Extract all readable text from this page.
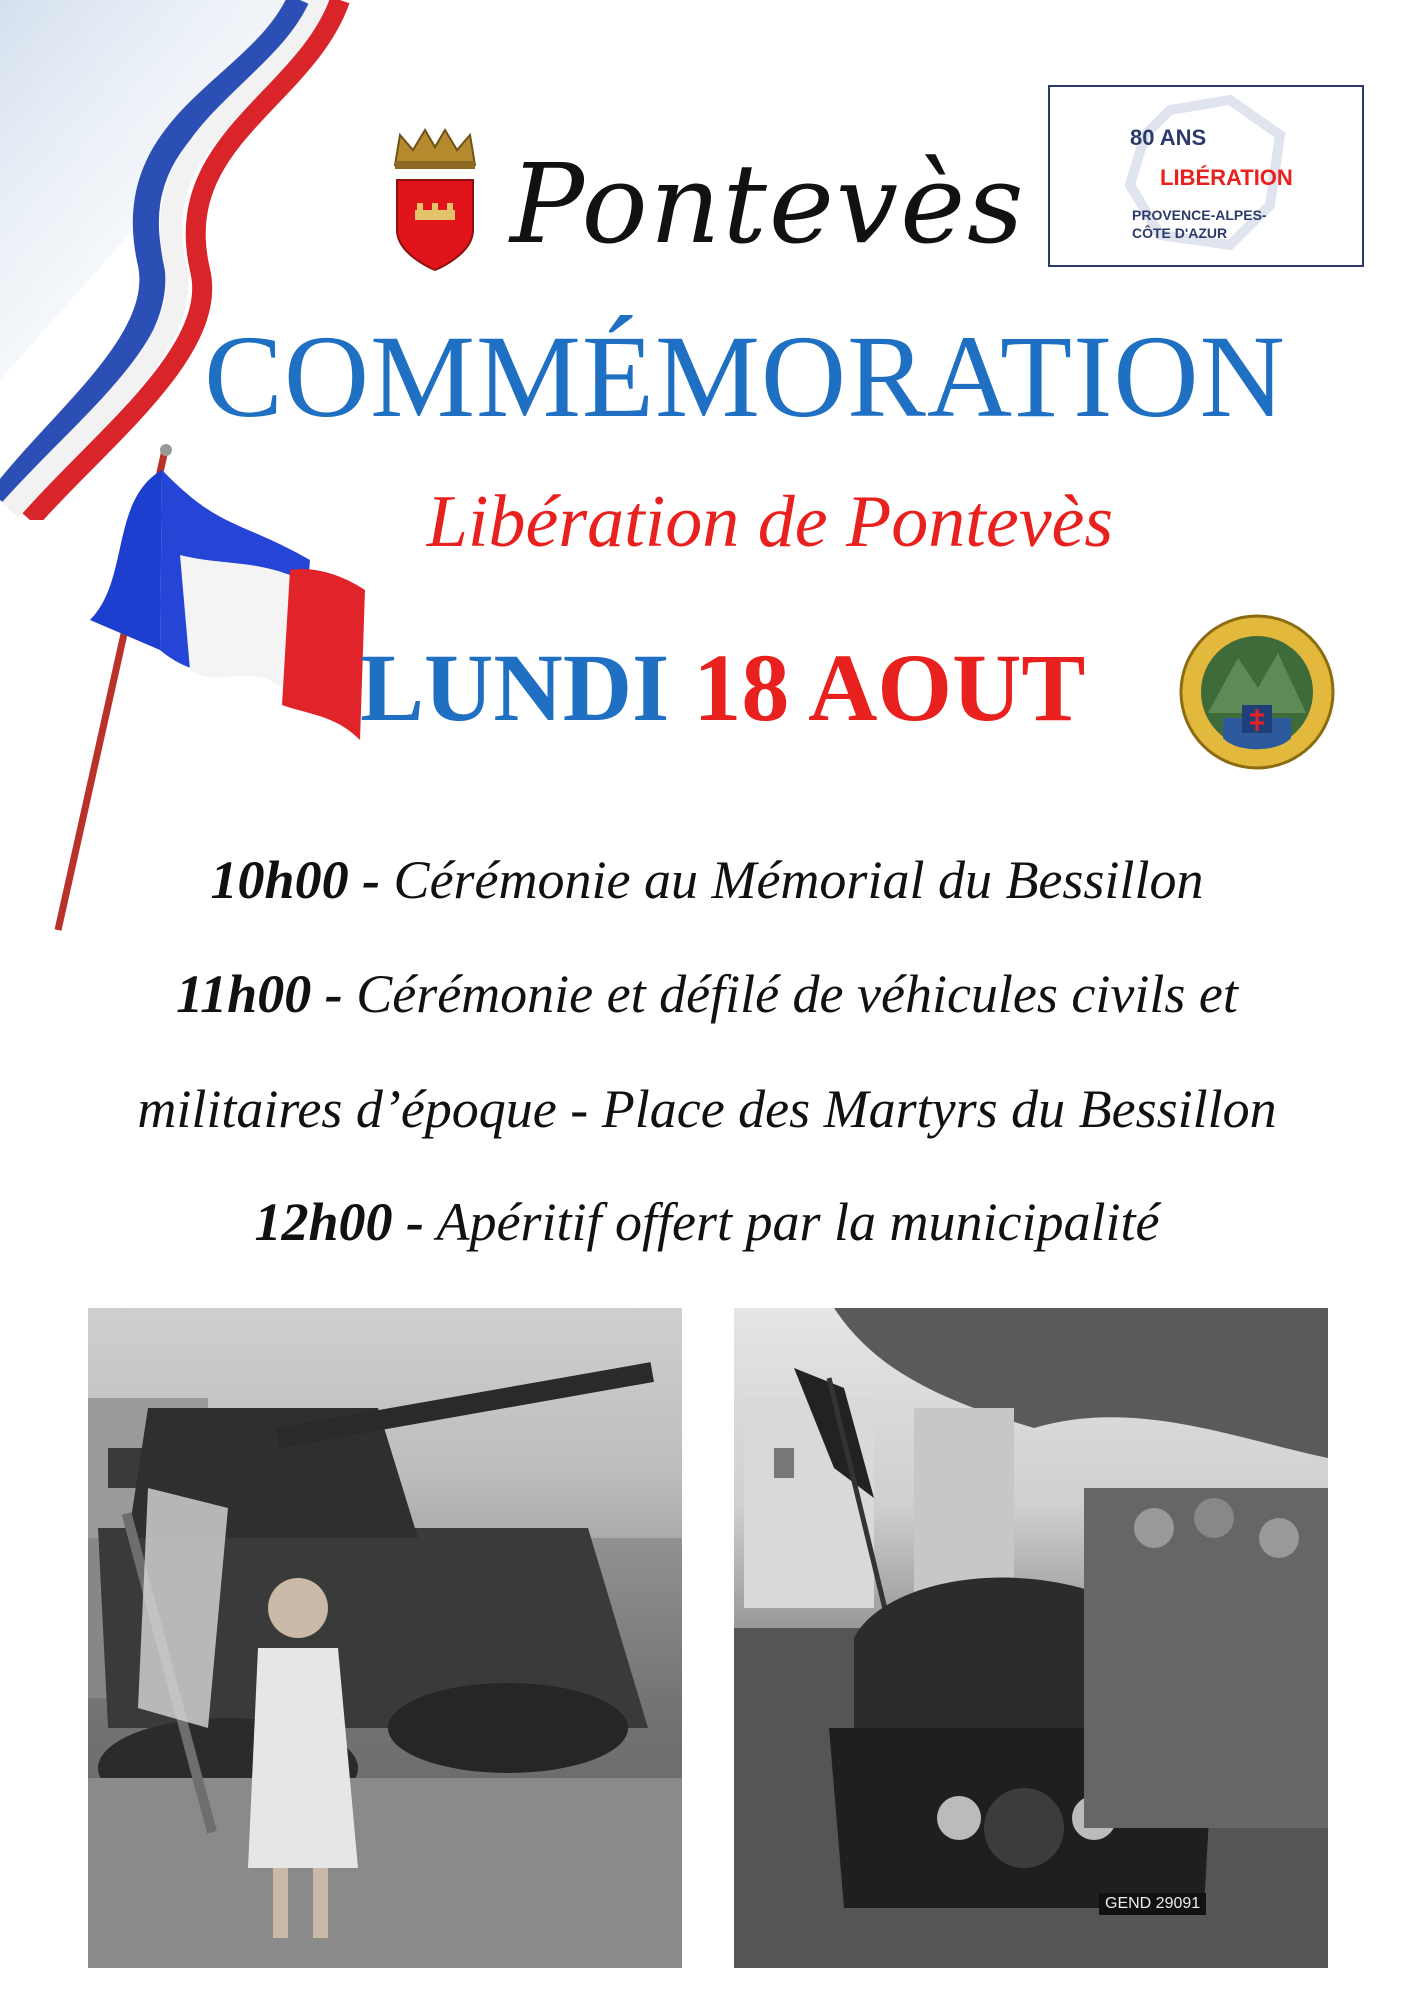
Pontevès
80 ANS
LIBÉRATION
PROVENCE-ALPES-
CÔTE D'AZUR
COMMÉMORATION
Libération de Pontevès
LUNDI 18 AOUT
10h00 - Cérémonie au Mémorial du Bessillon
11h00 - Cérémonie et défilé de véhicules civils et
militaires d’époque - Place des Martyrs du Bessillon
12h00 - Apéritif offert par la municipalité
GEND 29091
